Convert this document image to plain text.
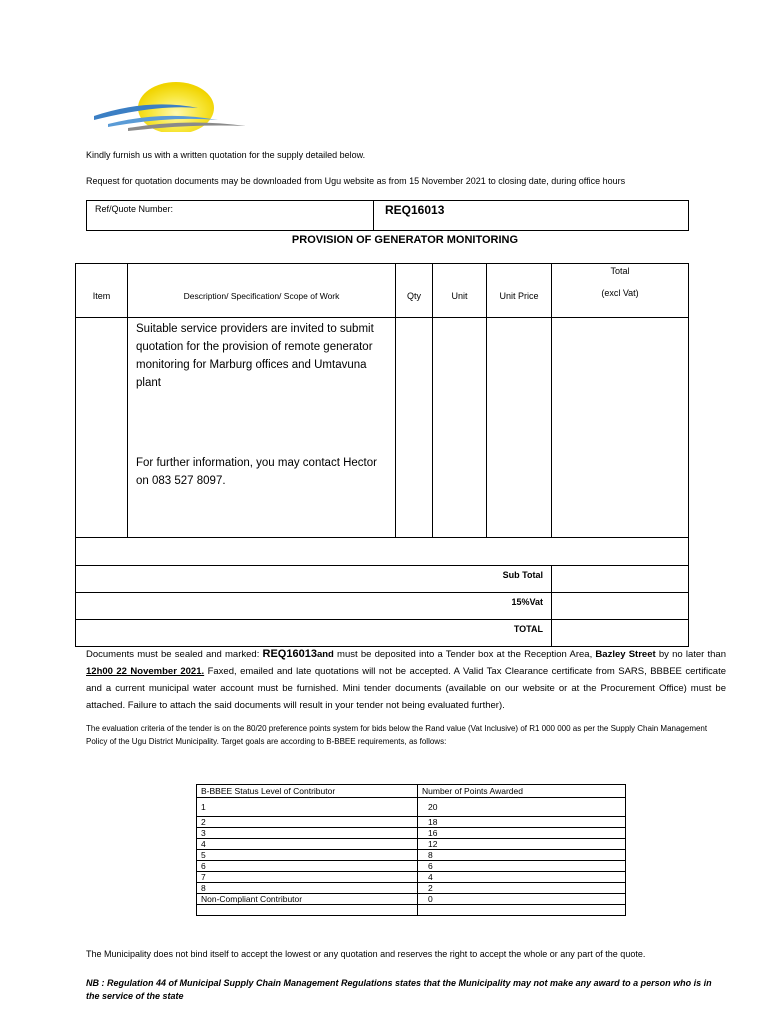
Kindly furnish us with a written quotation for the supply detailed below.
Request for quotation documents may be downloaded from Ugu website as from 15 November 2021 to closing date, during office hours
Ref/Quote Number:	REQ16013
PROVISION OF GENERATOR MONITORING
Item	Description/ Specification/ Scope of Work	Qty	Unit	Unit Price	Total
(excl Vat)

	Suitable service providers are invited to submit quotation for the provision of remote generator monitoring for Marburg offices and Umtavuna plant
For further information, you may contact Hector on 083 527 8097.				

Sub Total					
15%Vat					
TOTAL					
Documents must be sealed and marked: REQ16013and must be deposited into a Tender box at the Reception Area, Bazley Street by no later than 12h00 22 November 2021. Faxed, emailed and late quotations will not be accepted. A Valid Tax Clearance certificate from SARS, BBBEE certificate and a current municipal water account must be furnished. Mini tender documents (available on our website or at the Procurement Office) must be attached. Failure to attach the said documents will result in your tender not being evaluated further).
The evaluation criteria of the tender is on the 80/20 preference points system for bids below the Rand value (Vat Inclusive) of R1 000 000 as per the Supply Chain Management Policy of the Ugu District Municipality. Target goals are according to B-BBEE requirements, as follows:
B-BBEE Status Level of Contributor	Number of Points Awarded
1	20
2	18
3	16
4	12
5	8
6	6
7	4
8	2
Non-Compliant Contributor	0

The Municipality does not bind itself to accept the lowest or any quotation and reserves the right to accept the whole or any part of the quote.
NB : Regulation 44 of Municipal Supply Chain Management Regulations states that the Municipality may not make any award to a person who is in the service of the state
